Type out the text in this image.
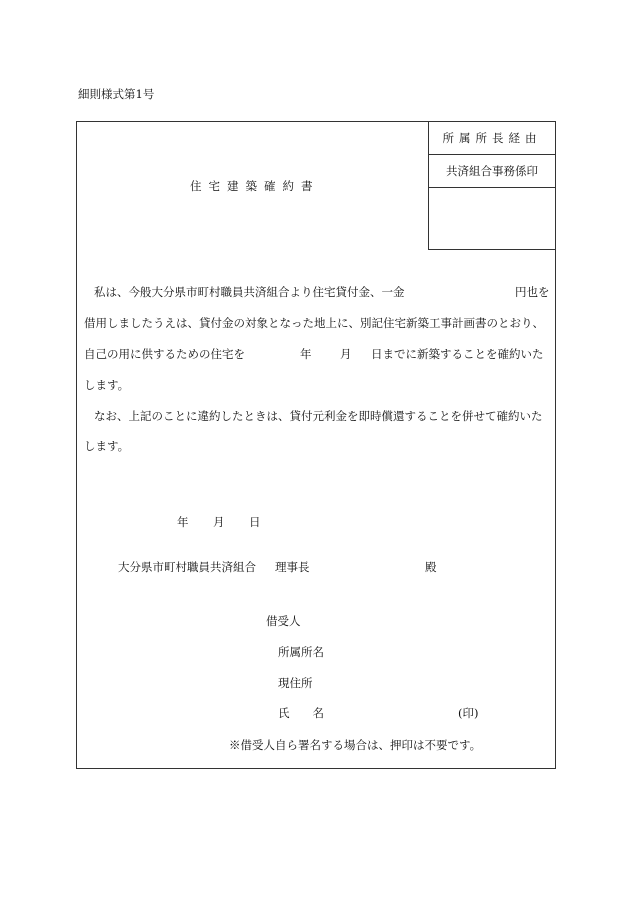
細則様式第1号
所属所長経由
共済組合事務係印
住宅建築確約書
私は、今般大分県市町村職員共済組合より住宅貸付金、一金	円也を
借用しましたうえは、貸付金の対象となった地上に、別記住宅新築工事計画書のとおり、
自己の用に供するための住宅を	年 月 日までに新築することを確約いた
します。
なお、上記のことに違約したときは、貸付元利金を即時償還することを併せて確約いた
します。
年 月 日
大分県市町村職員共済組合 理事長	殿
借受人
所属所名
現住所
氏　　名	(印)
※借受人自ら署名する場合は、押印は不要です。
